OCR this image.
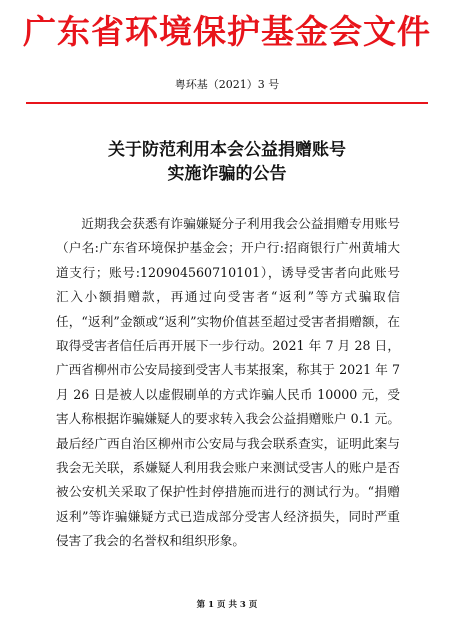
广东省环境保护基金会文件
粤环基（2021）3 号
关于防范利用本会公益捐赠账号
实施诈骗的公告

近期我会获悉有诈骗嫌疑分子利用我会公益捐赠专用账号（户名:广东省环境保护基金会；开户行:招商银行广州黄埔大道支行；账号:120904560710101），诱导受害者向此账号汇入小额捐赠款，再通过向受害者“返利”等方式骗取信任，“返利”金额或“返利”实物价值甚至超过受害者捐赠额，在取得受害者信任后再开展下一步行动。2021 年 7 月 28 日，广西省柳州市公安局接到受害人韦某报案，称其于 2021 年 7 月 26 日是被人以虚假刷单的方式诈骗人民币 10000 元，受害人称根据诈骗嫌疑人的要求转入我会公益捐赠账户 0.1 元。最后经广西自治区柳州市公安局与我会联系查实，证明此案与我会无关联，系嫌疑人利用我会账户来测试受害人的账户是否被公安机关采取了保护性封停措施而进行的测试行为。“捐赠返利”等诈骗嫌疑方式已造成部分受害人经济损失，同时严重侵害了我会的名誉权和组织形象。

第 1 页 共 3 页
